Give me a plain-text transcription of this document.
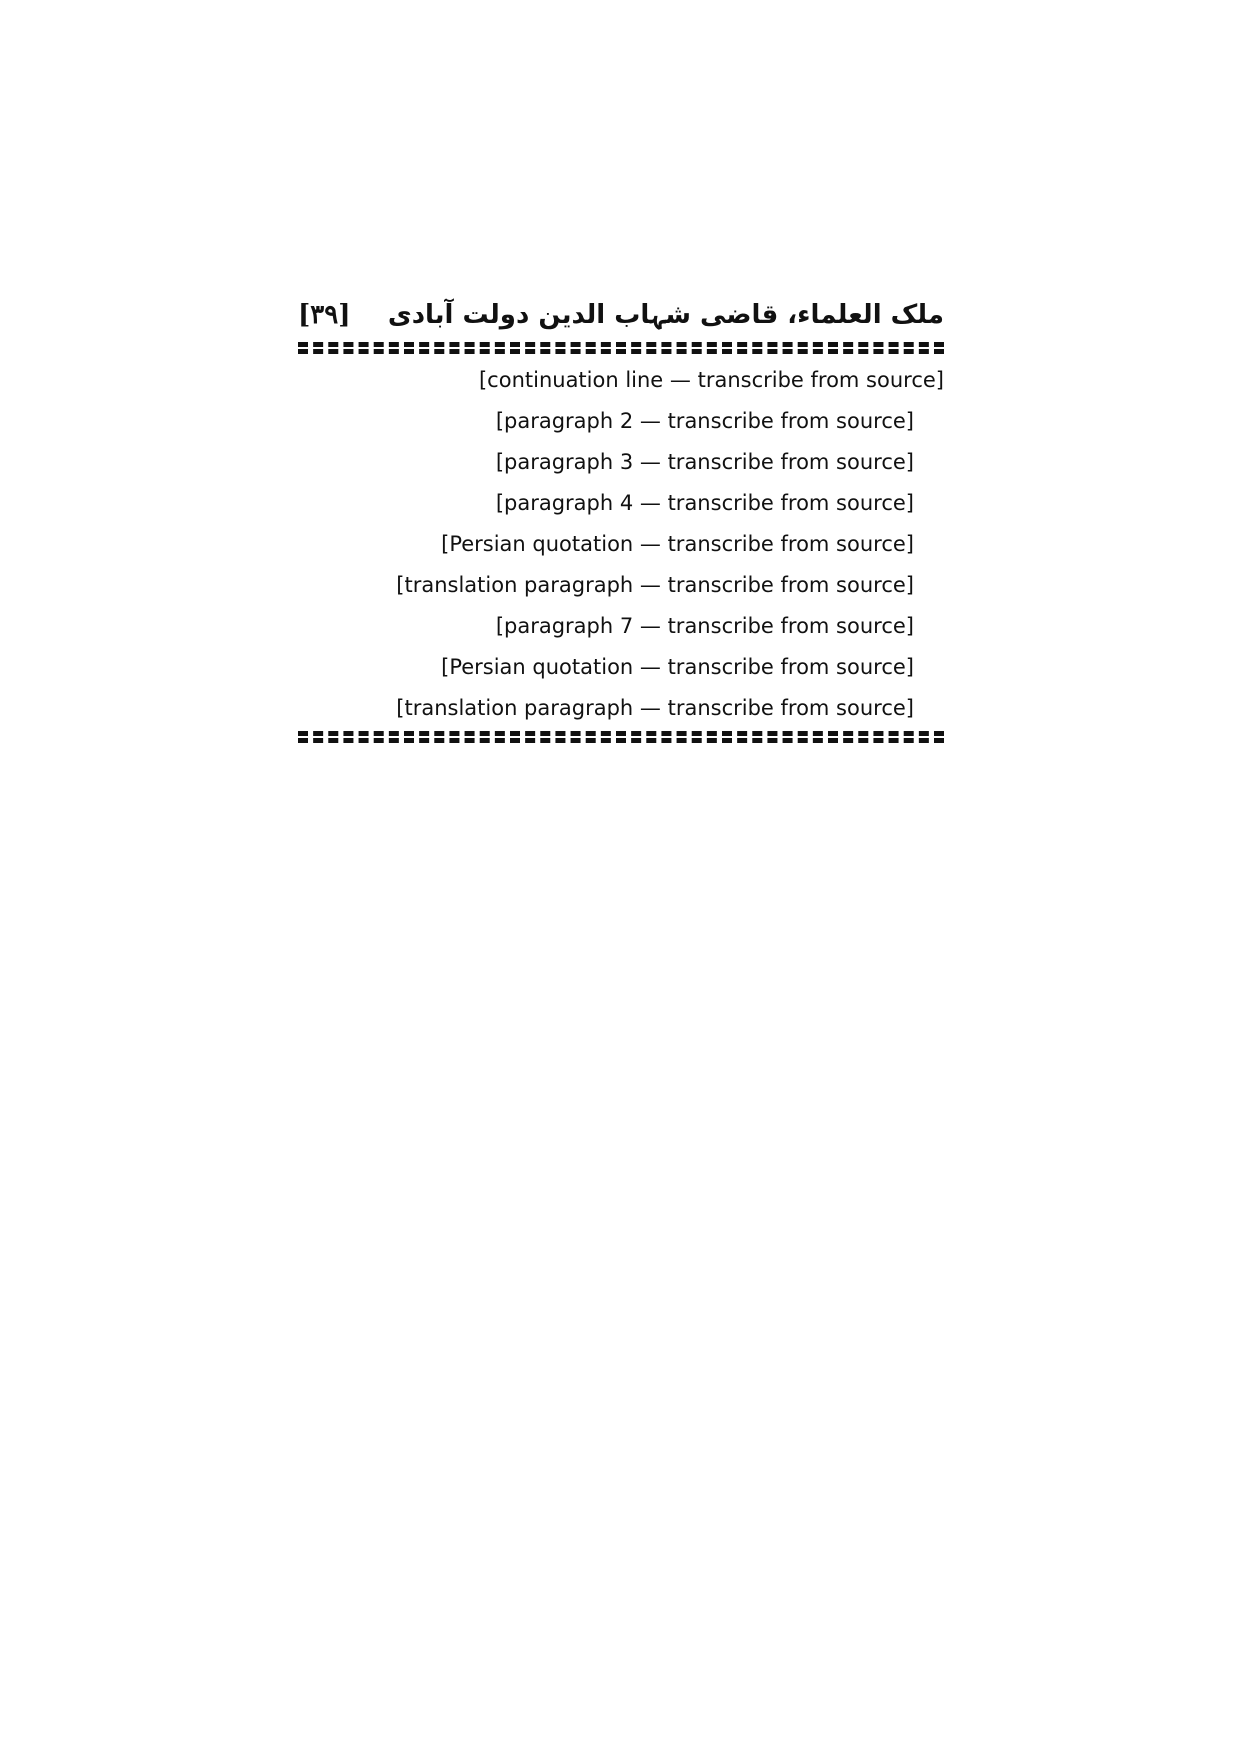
[۳۹] ملک العلماء، قاضی شہاب الدین دولت آبادی

[continuation line — transcribe from source]

[paragraph 2 — transcribe from source]

[paragraph 3 — transcribe from source]

[paragraph 4 — transcribe from source]

[Persian quotation — transcribe from source]

[translation paragraph — transcribe from source]

[paragraph 7 — transcribe from source]

[Persian quotation — transcribe from source]

[translation paragraph — transcribe from source]
